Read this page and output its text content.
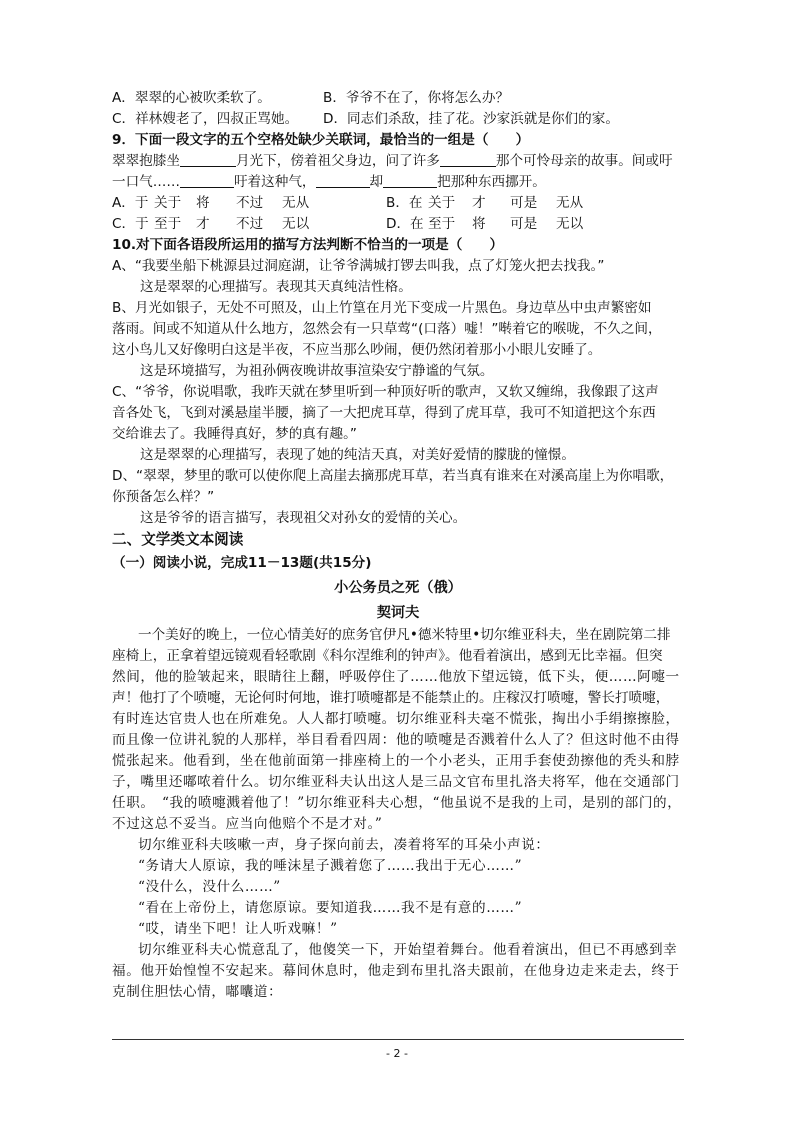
A．翠翠的心被吹柔软了。	B．爷爷不在了，你将怎么办？
C．祥林嫂老了，四叔正骂她。	D．同志们杀敌，挂了花。沙家浜就是你们的家。
9．下面一段文字的五个空格处缺少关联词，最恰当的一组是（　　）
翠翠抱膝坐	月光下，傍着祖父身边，问了许多	那个可怜母亲的故事。间或吁
一口气……	吁着这种气，	却	把那种东西挪开。
A．于 关于	将	不过	无从	B．在 关于	才	可是	无从
C．于 至于	才	不过	无以	D．在 至于	将	可是	无以
10.对下面各语段所运用的描写方法判断不恰当的一项是（　　）
A、“我要坐船下桃源县过洞庭湖，让爷爷满城打锣去叫我，点了灯笼火把去找我。”
这是翠翠的心理描写。表现其天真纯洁性格。
B、月光如银子，无处不可照及，山上竹篁在月光下变成一片黑色。身边草丛中虫声繁密如
落雨。间或不知道从什么地方，忽然会有一只草莺“(口落）嘘！”啭着它的喉咙，不久之间，
这小鸟儿又好像明白这是半夜，不应当那么吵闹，便仍然闭着那小小眼儿安睡了。
这是环境描写，为祖孙俩夜晚讲故事渲染安宁静谧的气氛。
C、“爷爷，你说唱歌，我昨天就在梦里听到一种顶好听的歌声，又软又缠绵，我像跟了这声
音各处飞，飞到对溪悬崖半腰，摘了一大把虎耳草，得到了虎耳草，我可不知道把这个东西
交给谁去了。我睡得真好，梦的真有趣。”
这是翠翠的心理描写，表现了她的纯洁天真，对美好爱情的朦胧的憧憬。
D、“翠翠，梦里的歌可以使你爬上高崖去摘那虎耳草，若当真有谁来在对溪高崖上为你唱歌，
你预备怎么样？”
这是爷爷的语言描写，表现祖父对孙女的爱情的关心。
二、文学类文本阅读
（一）阅读小说，完成11－13题(共15分)
小公务员之死（俄）
契诃夫
一个美好的晚上，一位心情美好的庶务官伊凡•德米特里•切尔维亚科夫，坐在剧院第二排
座椅上，正拿着望远镜观看轻歌剧《科尔涅维利的钟声》。他看着演出，感到无比幸福。但突
然间，他的脸皱起来，眼睛往上翻，呼吸停住了……他放下望远镜，低下头，便……阿嚏一
声！他打了个喷嚏，无论何时何地，谁打喷嚏都是不能禁止的。庄稼汉打喷嚏，警长打喷嚏，
有时连达官贵人也在所难免。人人都打喷嚏。切尔维亚科夫毫不慌张，掏出小手绢擦擦脸，
而且像一位讲礼貌的人那样，举目看看四周：他的喷嚏是否溅着什么人了？但这时他不由得
慌张起来。他看到，坐在他前面第一排座椅上的一个小老头，正用手套使劲擦他的秃头和脖
子，嘴里还嘟哝着什么。切尔维亚科夫认出这人是三品文官布里扎洛夫将军，他在交通部门
任职。　“我的喷嚏溅着他了！”切尔维亚科夫心想，“他虽说不是我的上司，是别的部门的，
不过这总不妥当。应当向他赔个不是才对。”
切尔维亚科夫咳嗽一声，身子探向前去，凑着将军的耳朵小声说：
“务请大人原谅，我的唾沫星子溅着您了……我出于无心……”
“没什么，没什么……”
“看在上帝份上，请您原谅。要知道我……我不是有意的……”
“哎，请坐下吧！让人听戏嘛！”
切尔维亚科夫心慌意乱了，他傻笑一下，开始望着舞台。他看着演出，但已不再感到幸
福。他开始惶惶不安起来。幕间休息时，他走到布里扎洛夫跟前，在他身边走来走去，终于
克制住胆怯心情，嘟囔道：
- 2 -
